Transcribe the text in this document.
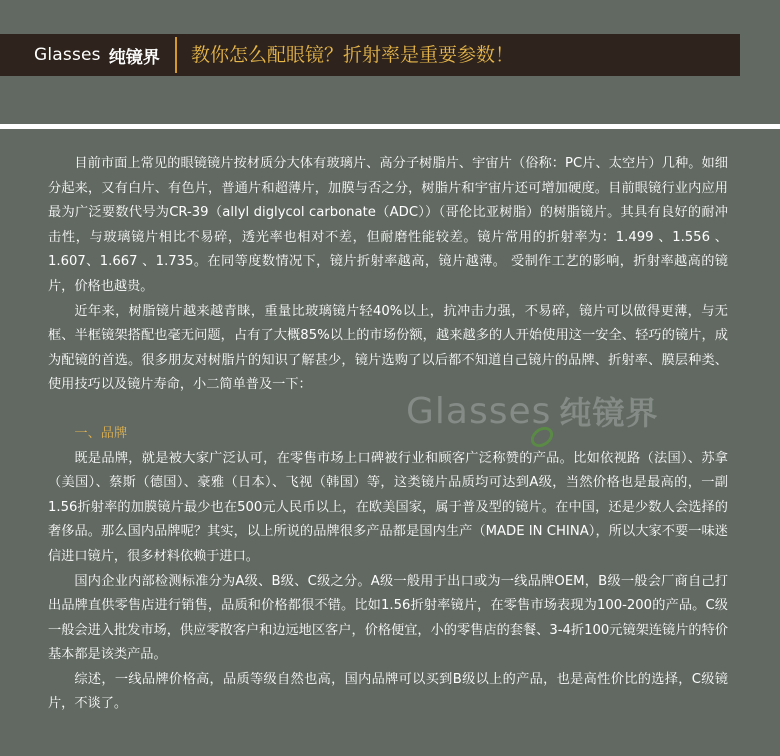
Glasses 纯镜界 教你怎么配眼镜？折射率是重要参数！
Glasses 纯镜界

目前市面上常见的眼镜镜片按材质分大体有玻璃片、高分子树脂片、宇宙片（俗称：PC片、太空片）几种。如细分起来，又有白片、有色片，普通片和超薄片，加膜与否之分，树脂片和宇宙片还可增加硬度。目前眼镜行业内应用最为广泛要数代号为CR-39（allyl diglycol carbonate（ADC））（哥伦比亚树脂）的树脂镜片。其具有良好的耐冲击性，与玻璃镜片相比不易碎，透光率也相对不差，但耐磨性能较差。镜片常用的折射率为：1.499 、1.556 、1.607、1.667 、1.735。在同等度数情况下，镜片折射率越高，镜片越薄。 受制作工艺的影响，折射率越高的镜片，价格也越贵。

近年来，树脂镜片越来越青睐，重量比玻璃镜片轻40%以上，抗冲击力强，不易碎，镜片可以做得更薄，与无框、半框镜架搭配也毫无问题，占有了大概85%以上的市场份额，越来越多的人开始使用这一安全、轻巧的镜片，成为配镜的首选。很多朋友对树脂片的知识了解甚少，镜片选购了以后都不知道自己镜片的品牌、折射率、膜层种类、使用技巧以及镜片寿命，小二简单普及一下：

一、品牌

既是品牌，就是被大家广泛认可，在零售市场上口碑被行业和顾客广泛称赞的产品。比如依视路（法国）、苏拿（美国）、蔡斯（德国）、豪雅（日本）、飞视（韩国）等，这类镜片品质均可达到A级，当然价格也是最高的，一副1.56折射率的加膜镜片最少也在500元人民币以上，在欧美国家，属于普及型的镜片。在中国，还是少数人会选择的奢侈品。那么国内品牌呢？其实，以上所说的品牌很多产品都是国内生产（MADE IN CHINA），所以大家不要一味迷信进口镜片，很多材料依赖于进口。

国内企业内部检测标准分为A级、B级、C级之分。A级一般用于出口或为一线品牌OEM，B级一般会厂商自己打出品牌直供零售店进行销售，品质和价格都很不错。比如1.56折射率镜片，在零售市场表现为100-200的产品。C级一般会进入批发市场，供应零散客户和边远地区客户，价格便宜，小的零售店的套餐、3-4折100元镜架连镜片的特价基本都是该类产品。

综述，一线品牌价格高，品质等级自然也高，国内品牌可以买到B级以上的产品，也是高性价比的选择，C级镜片，不谈了。
